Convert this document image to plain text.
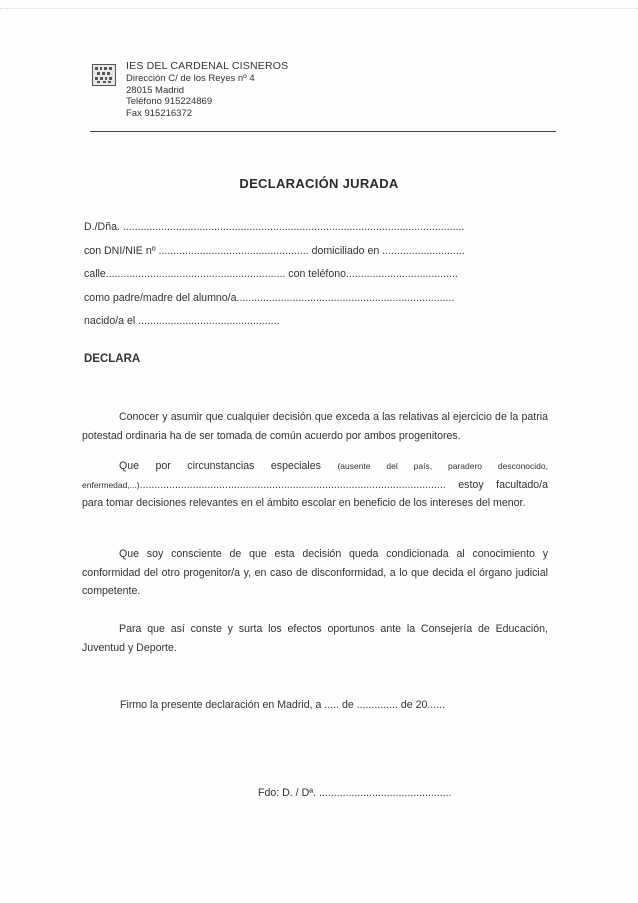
IES DEL CARDENAL CISNEROS
Dirección C/ de los Reyes nº 4
28015 Madrid
Teléfono 915224869
Fax 915216372
DECLARACIÓN JURADA
D./Dña. ....................................................................................................................
con DNI/NIE nº ................................................... domiciliado en ............................
calle............................................................. con teléfono......................................
como padre/madre del alumno/a..........................................................................
nacido/a el ................................................
DECLARA

Conocer y asumir que cualquier decisión que exceda a las relativas al ejercicio de la patria potestad ordinaria ha de ser tomada de común acuerdo por ambos progenitores.

Que por circunstancias especiales (ausente del país, paradero desconocido, enfermedad,...)........................................................................................................ estoy facultado/a para tomar decisiones relevantes en el ámbito escolar en beneficio de los intereses del menor.

Que soy consciente de que esta decisión queda condicionada al conocimiento y conformidad del otro progenitor/a y, en caso de disconformidad, a lo que decida el órgano judicial competente.

Para que así conste y surta los efectos oportunos ante la Consejería de Educación, Juventud y Deporte.

Firmo la presente declaración en Madrid, a ..... de .............. de 20......
Fdo: D. / Dª. .............................................
